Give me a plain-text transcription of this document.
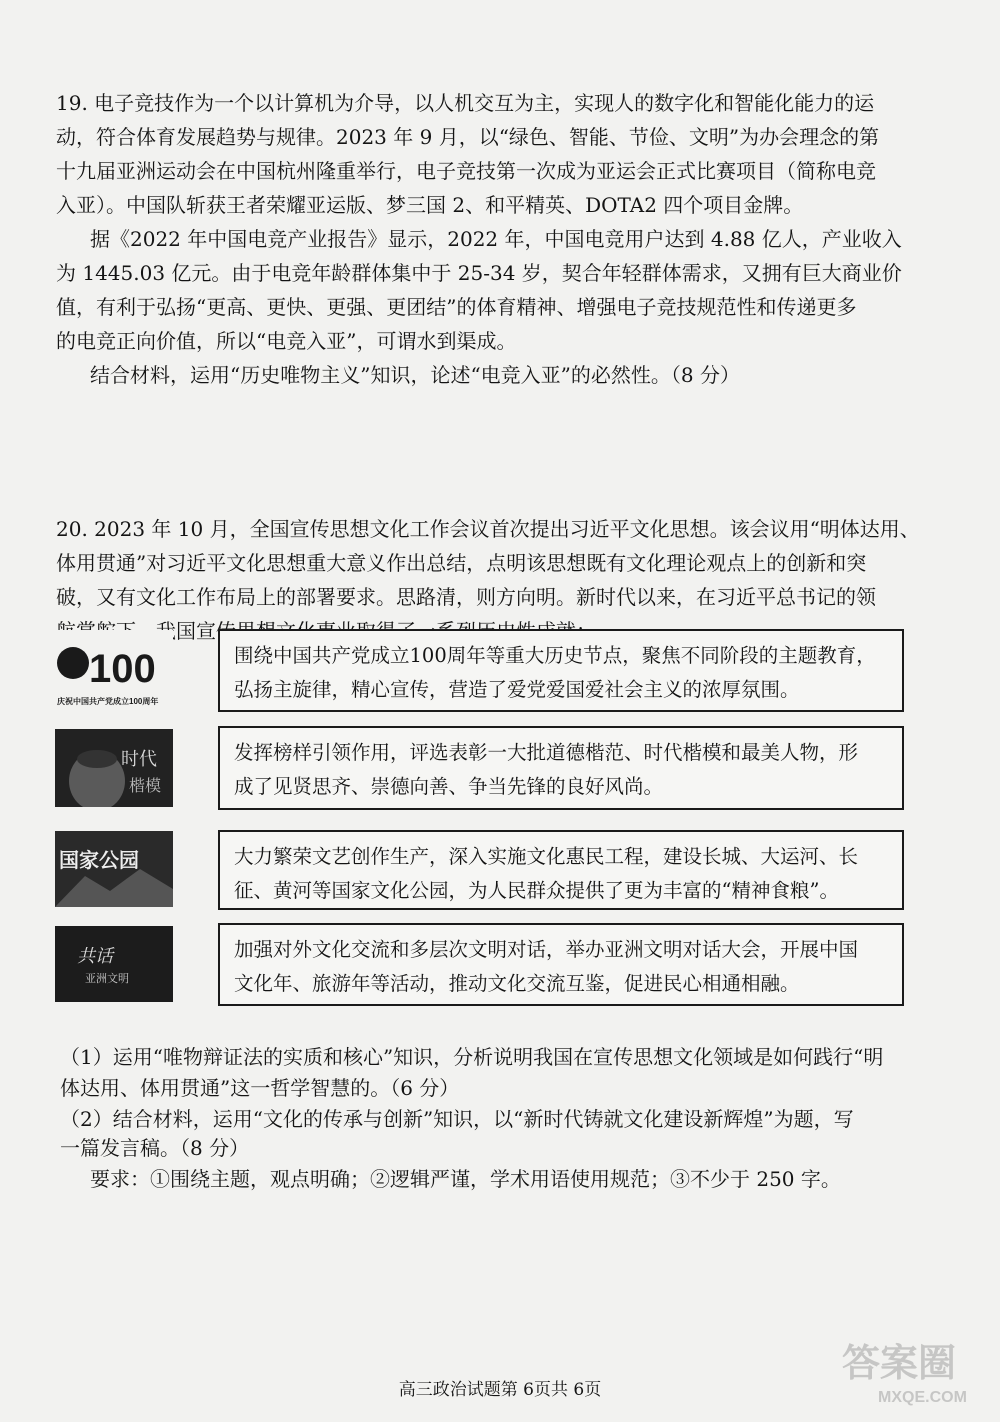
19. 电子竞技作为一个以计算机为介导，以人机交互为主，实现人的数字化和智能化能力的运
动，符合体育发展趋势与规律。2023 年 9 月，以“绿色、智能、节俭、文明”为办会理念的第
十九届亚洲运动会在中国杭州隆重举行，电子竞技第一次成为亚运会正式比赛项目（简称电竞
入亚）。中国队斩获王者荣耀亚运版、梦三国 2、和平精英、DOTA2 四个项目金牌。
据《2022 年中国电竞产业报告》显示，2022 年，中国电竞用户达到 4.88 亿人，产业收入
为 1445.03 亿元。由于电竞年龄群体集中于 25-34 岁，契合年轻群体需求，又拥有巨大商业价
值，有利于弘扬“更高、更快、更强、更团结”的体育精神、增强电子竞技规范性和传递更多
的电竞正向价值，所以“电竞入亚”，可谓水到渠成。
结合材料，运用“历史唯物主义”知识，论述“电竞入亚”的必然性。（8 分）
20. 2023 年 10 月，全国宣传思想文化工作会议首次提出习近平文化思想。该会议用“明体达用、
体用贯通”对习近平文化思想重大意义作出总结，点明该思想既有文化理论观点上的创新和突
破，又有文化工作布局上的部署要求。思路清，则方向明。新时代以来，在习近平总书记的领
100
庆祝中国共产党成立100周年
时代
楷模
国家公园
共话
亚洲文明
围绕中国共产党成立100周年等重大历史节点，聚焦不同阶段的主题教育，
弘扬主旋律，精心宣传，营造了爱党爱国爱社会主义的浓厚氛围。
发挥榜样引领作用，评选表彰一大批道德楷范、时代楷模和最美人物，形
成了见贤思齐、崇德向善、争当先锋的良好风尚。
大力繁荣文艺创作生产，深入实施文化惠民工程，建设长城、大运河、长
征、黄河等国家文化公园，为人民群众提供了更为丰富的“精神食粮”。
加强对外文化交流和多层次文明对话，举办亚洲文明对话大会，开展中国
文化年、旅游年等活动，推动文化交流互鉴，促进民心相通相融。
（1）运用“唯物辩证法的实质和核心”知识，分析说明我国在宣传思想文化领域是如何践行“明
体达用、体用贯通”这一哲学智慧的。（6 分）
（2）结合材料，运用“文化的传承与创新”知识，以“新时代铸就文化建设新辉煌”为题，写
一篇发言稿。（8 分）
要求：①围绕主题，观点明确；②逻辑严谨，学术用语使用规范；③不少于 250 字。
高三政治试题第 6页共 6页
答案圈
MXQE.COM
